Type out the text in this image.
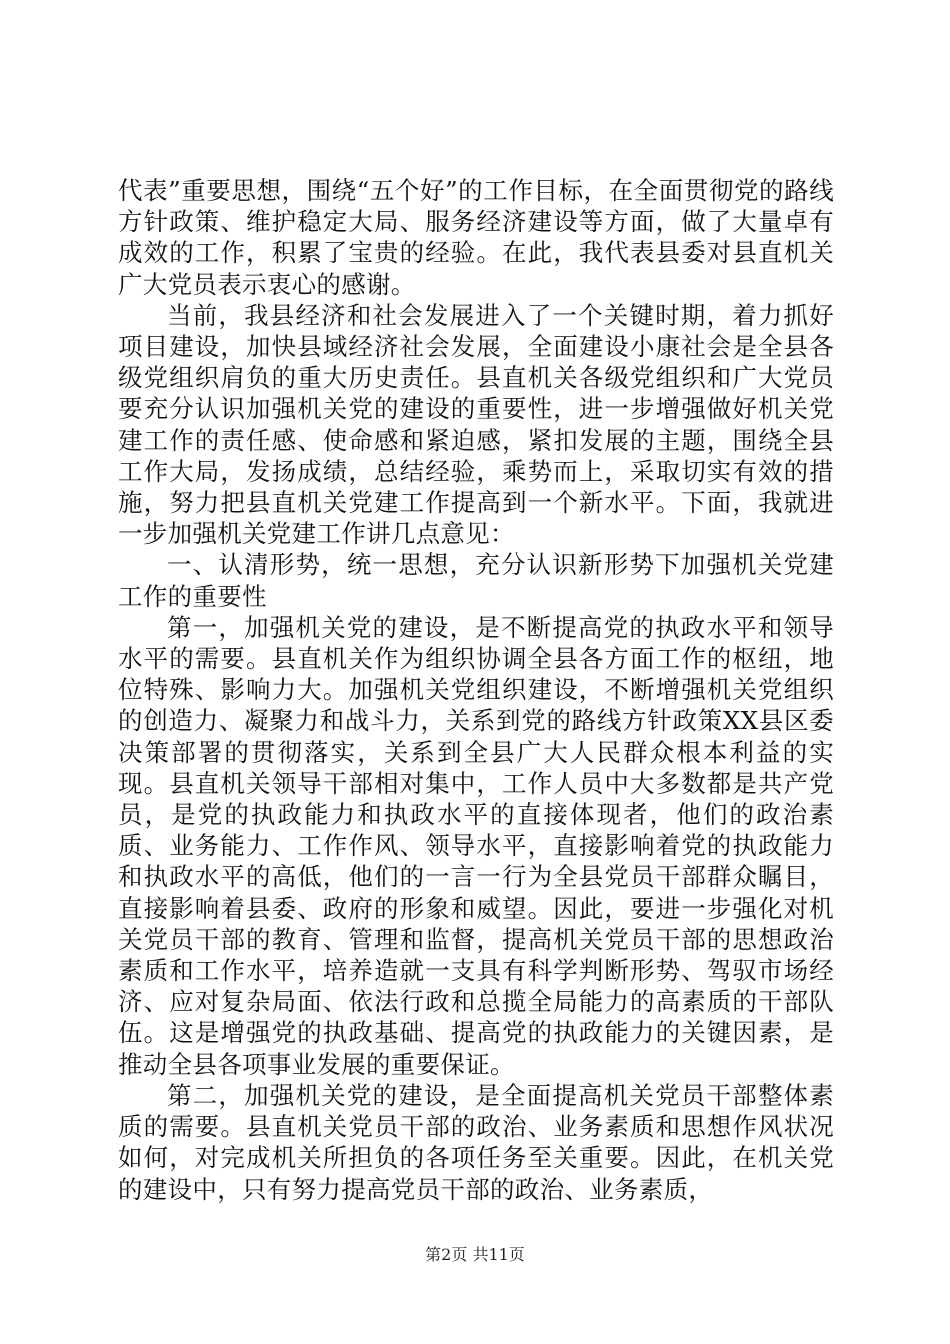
代表”重要思想，围绕“五个好”的工作目标，在全面贯彻党的路线方针政策、维护稳定大局、服务经济建设等方面，做了大量卓有成效的工作，积累了宝贵的经验。在此，我代表县委对县直机关广大党员表示衷心的感谢。

当前，我县经济和社会发展进入了一个关键时期，着力抓好项目建设，加快县域经济社会发展，全面建设小康社会是全县各级党组织肩负的重大历史责任。县直机关各级党组织和广大党员要充分认识加强机关党的建设的重要性，进一步增强做好机关党建工作的责任感、使命感和紧迫感，紧扣发展的主题，围绕全县工作大局，发扬成绩，总结经验，乘势而上，采取切实有效的措施，努力把县直机关党建工作提高到一个新水平。下面，我就进一步加强机关党建工作讲几点意见：

一、认清形势，统一思想，充分认识新形势下加强机关党建工作的重要性

第一，加强机关党的建设，是不断提高党的执政水平和领导水平的需要。县直机关作为组织协调全县各方面工作的枢纽，地位特殊、影响力大。加强机关党组织建设，不断增强机关党组织的创造力、凝聚力和战斗力，关系到党的路线方针政策XX县区委决策部署的贯彻落实，关系到全县广大人民群众根本利益的实现。县直机关领导干部相对集中，工作人员中大多数都是共产党员，是党的执政能力和执政水平的直接体现者，他们的政治素质、业务能力、工作作风、领导水平，直接影响着党的执政能力和执政水平的高低，他们的一言一行为全县党员干部群众瞩目，直接影响着县委、政府的形象和威望。因此，要进一步强化对机关党员干部的教育、管理和监督，提高机关党员干部的思想政治素质和工作水平，培养造就一支具有科学判断形势、驾驭市场经济、应对复杂局面、依法行政和总揽全局能力的高素质的干部队伍。这是增强党的执政基础、提高党的执政能力的关键因素，是推动全县各项事业发展的重要保证。

第二，加强机关党的建设，是全面提高机关党员干部整体素质的需要。县直机关党员干部的政治、业务素质和思想作风状况如何，对完成机关所担负的各项任务至关重要。因此，在机关党的建设中，只有努力提高党员干部的政治、业务素质，

第2页 共11页
